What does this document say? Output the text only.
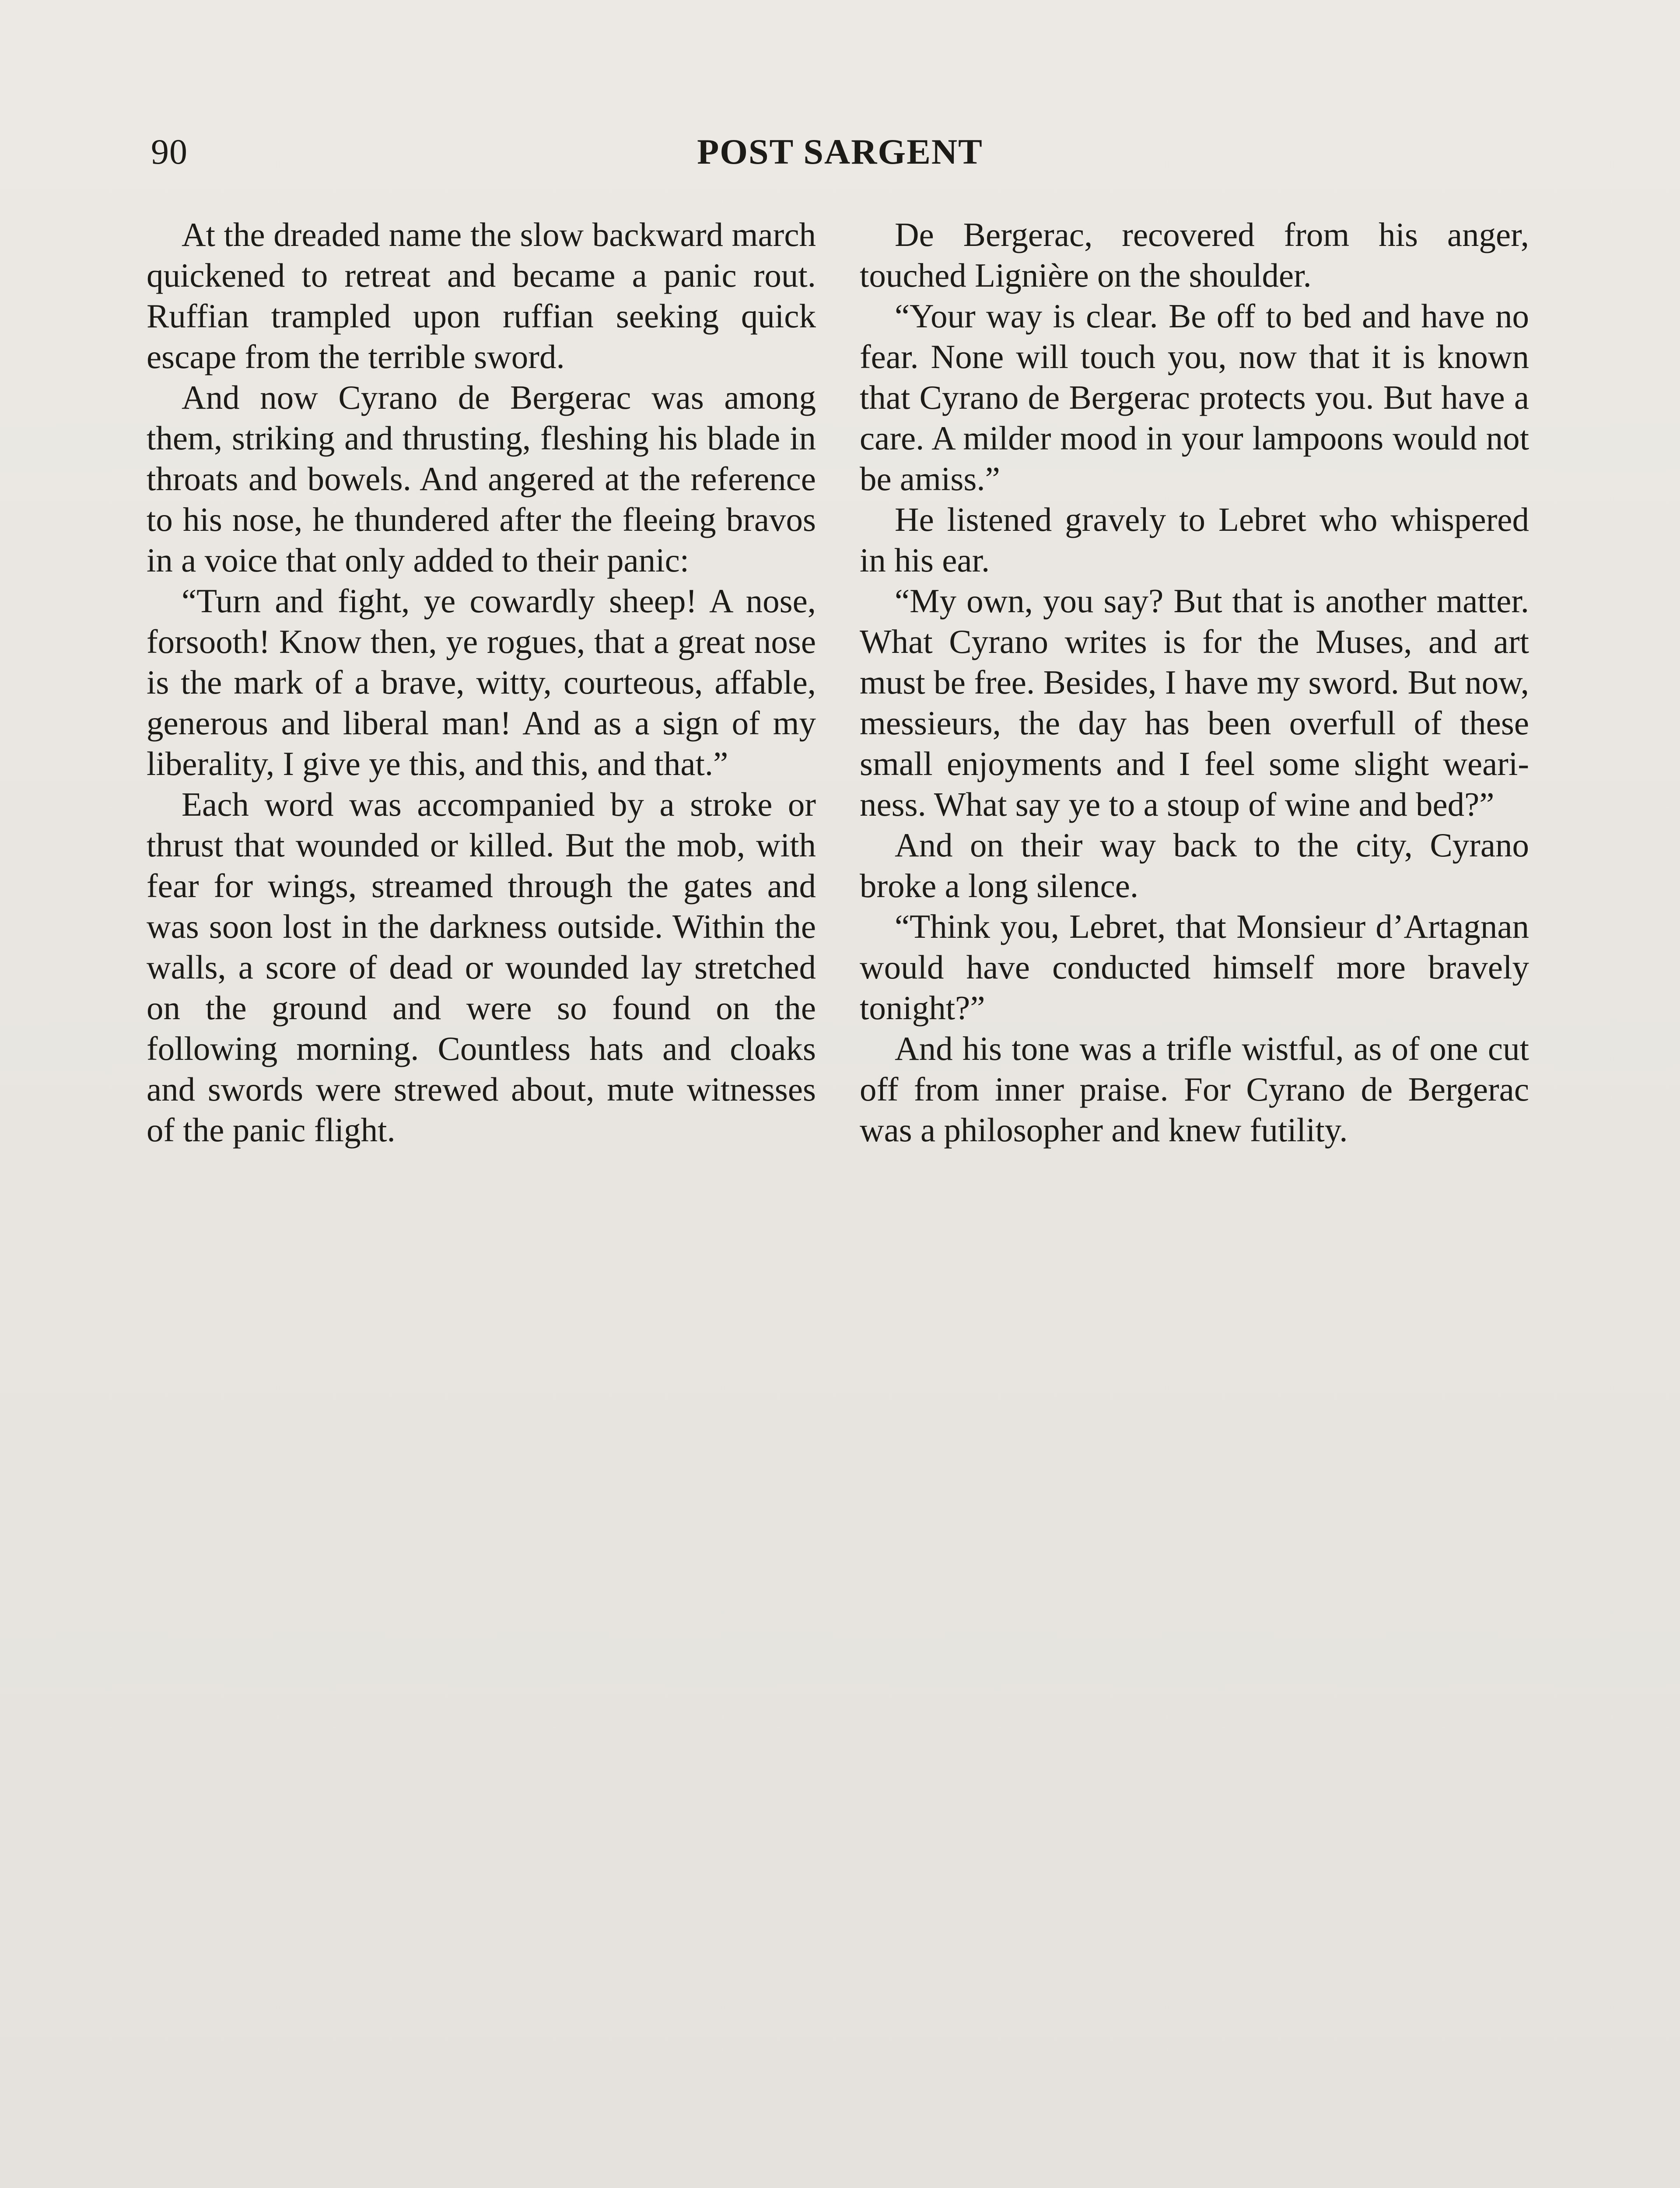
90	POST SARGENT

At the dreaded name the slow backward march quickened to retreat and became a panic rout. Ruffian trampled upon ruffian seeking quick escape from the terrible sword.

And now Cyrano de Bergerac was among them, striking and thrusting, fleshing his blade in throats and bowels. And angered at the reference to his nose, he thundered after the fleeing bravos in a voice that only added to their panic:

“Turn and fight, ye cowardly sheep! A nose, forsooth! Know then, ye rogues, that a great nose is the mark of a brave, witty, courteous, affable, generous and liberal man! And as a sign of my liberality, I give ye this, and this, and that.”

Each word was accompanied by a stroke or thrust that wounded or killed. But the mob, with fear for wings, streamed through the gates and was soon lost in the darkness outside. Within the walls, a score of dead or wounded lay stretched on the ground and were so found on the following morning. Countless hats and cloaks and swords were strewed about, mute witnesses of the panic flight.

De Bergerac, recovered from his anger, touched Lignière on the shoulder.

“Your way is clear. Be off to bed and have no fear. None will touch you, now that it is known that Cyrano de Bergerac protects you. But have a care. A milder mood in your lampoons would not be amiss.”

He listened gravely to Lebret who whispered in his ear.

“My own, you say? But that is another matter. What Cyrano writes is for the Muses, and art must be free. Besides, I have my sword. But now, messieurs, the day has been overfull of these small enjoyments and I feel some slight weariness. What say ye to a stoup of wine and bed?”

And on their way back to the city, Cyrano broke a long silence.

“Think you, Lebret, that Monsieur d’Artagnan would have conducted himself more bravely tonight?”

And his tone was a trifle wistful, as of one cut off from inner praise. For Cyrano de Bergerac was a philosopher and knew futility.
